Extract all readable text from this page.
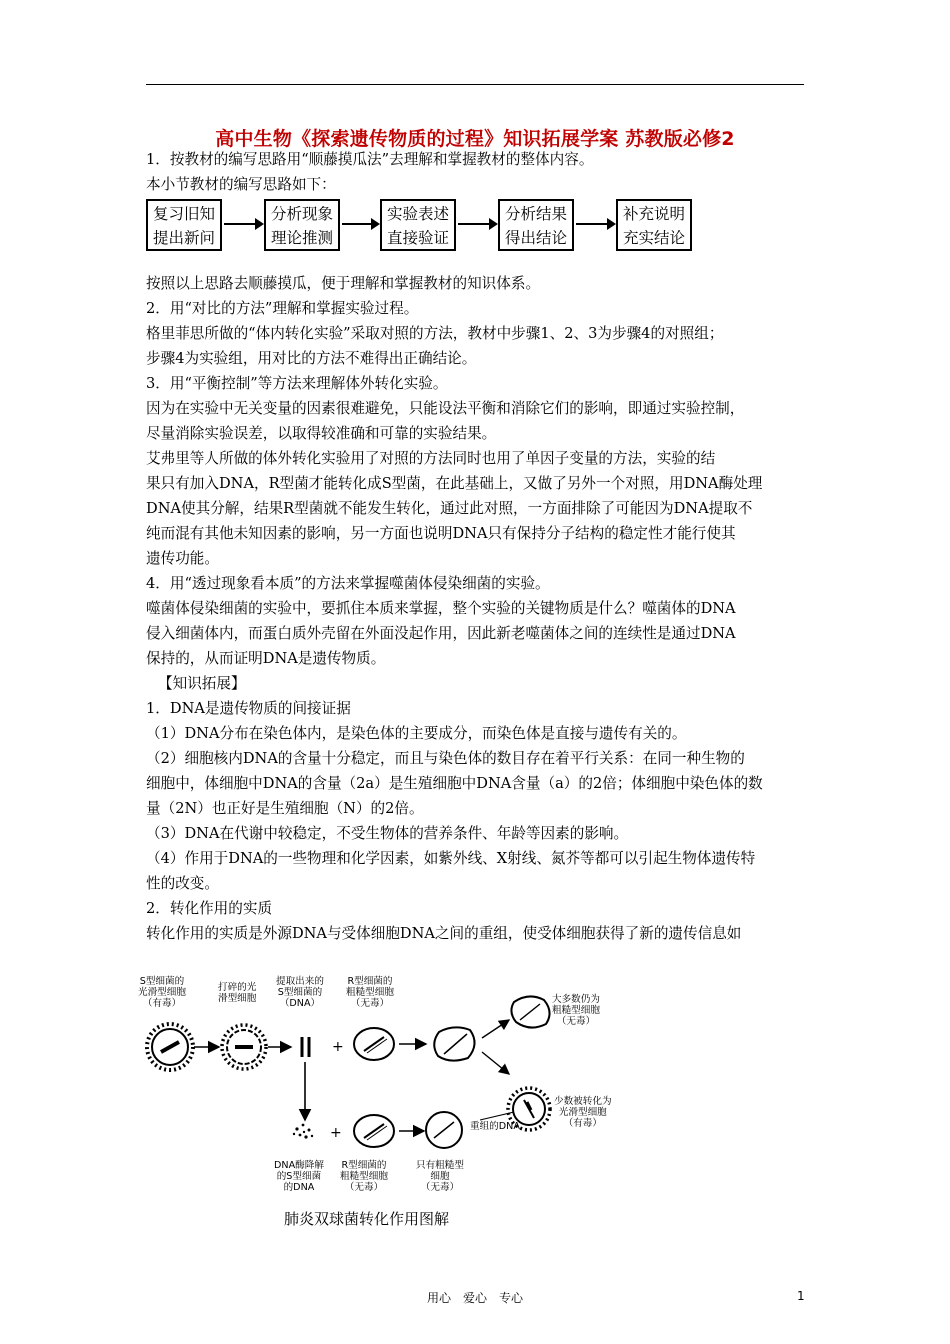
高中生物《探索遗传物质的过程》知识拓展学案 苏教版必修2
1．按教材的编写思路用“顺藤摸瓜法”去理解和掌握教材的整体内容。
本小节教材的编写思路如下：
复习旧知
提出新问
分析现象
理论推测
实验表述
直接验证
分析结果
得出结论
补充说明
充实结论
按照以上思路去顺藤摸瓜，便于理解和掌握教材的知识体系。
2．用“对比的方法”理解和掌握实验过程。
格里菲思所做的“体内转化实验”采取对照的方法，教材中步骤1、2、3为步骤4的对照组；
步骤4为实验组，用对比的方法不难得出正确结论。
3．用“平衡控制”等方法来理解体外转化实验。
因为在实验中无关变量的因素很难避免，只能设法平衡和消除它们的影响，即通过实验控制，
尽量消除实验误差，以取得较准确和可靠的实验结果。
艾弗里等人所做的体外转化实验用了对照的方法同时也用了单因子变量的方法，实验的结
果只有加入DNA，R型菌才能转化成S型菌，在此基础上，又做了另外一个对照，用DNA酶处理
DNA使其分解，结果R型菌就不能发生转化，通过此对照，一方面排除了可能因为DNA提取不
纯而混有其他未知因素的影响，另一方面也说明DNA只有保持分子结构的稳定性才能行使其
遗传功能。
4．用“透过现象看本质”的方法来掌握噬菌体侵染细菌的实验。
噬菌体侵染细菌的实验中，要抓住本质来掌握，整个实验的关键物质是什么？噬菌体的DNA
侵入细菌体内，而蛋白质外壳留在外面没起作用，因此新老噬菌体之间的连续性是通过DNA
保持的，从而证明DNA是遗传物质。
【知识拓展】
1．DNA是遗传物质的间接证据
（1）DNA分布在染色体内，是染色体的主要成分，而染色体是直接与遗传有关的。
（2）细胞核内DNA的含量十分稳定，而且与染色体的数目存在着平行关系：在同一种生物的
细胞中，体细胞中DNA的含量（2a）是生殖细胞中DNA含量（a）的2倍；体细胞中染色体的数
量（2N）也正好是生殖细胞（N）的2倍。
（3）DNA在代谢中较稳定，不受生物体的营养条件、年龄等因素的影响。
（4）作用于DNA的一些物理和化学因素，如紫外线、X射线、氮芥等都可以引起生物体遗传特
性的改变。
2．转化作用的实质
转化作用的实质是外源DNA与受体细胞DNA之间的重组，使受体细胞获得了新的遗传信息如
+
+
S型细菌的
光滑型细胞
（有毒）
打碎的光
滑型细胞
提取出来的
S型细菌的
（DNA）
R型细菌的
粗糙型细胞
（无毒）	大多数仍为
粗糙型细胞
（无毒）
少数被转化为
光滑型细胞
（有毒）
重组的DNA
DNA酶降解
的S型细菌
的DNA
R型细菌的
粗糙型细胞
（无毒）
只有粗糙型
细胞
（无毒）
肺炎双球菌转化作用图解
用心　爱心　专心	1
